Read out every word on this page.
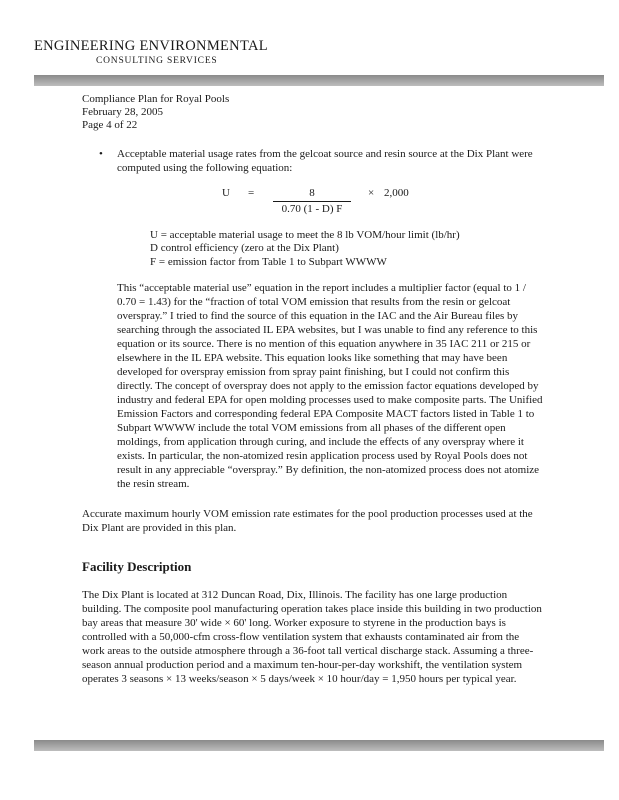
ENGINEERING ENVIRONMENTAL
CONSULTING SERVICES
Compliance Plan for Royal Pools
February 28, 2005
Page 4 of 22
• Acceptable material usage rates from the gelcoat source and resin source at the Dix Plant were computed using the following equation:
U =	8
0.70 (1 - D) F
× 2,000
U = acceptable material usage to meet the 8 lb VOM/hour limit (lb/hr)
D control efficiency (zero at the Dix Plant)
F = emission factor from Table 1 to Subpart WWWW
This “acceptable material use” equation in the report includes a multiplier factor (equal to 1 / 0.70 = 1.43) for the “fraction of total VOM emission that results from the resin or gelcoat overspray.” I tried to find the source of this equation in the IAC and the Air Bureau files by searching through the associated IL EPA websites, but I was unable to find any reference to this equation or its source. There is no mention of this equation anywhere in 35 IAC 211 or 215 or elsewhere in the IL EPA website. This equation looks like something that may have been developed for overspray emission from spray paint finishing, but I could not confirm this directly. The concept of overspray does not apply to the emission factor equations developed by industry and federal EPA for open molding processes used to make composite parts. The Unified Emission Factors and corresponding federal EPA Composite MACT factors listed in Table 1 to Subpart WWWW include the total VOM emissions from all phases of the different open moldings, from application through curing, and include the effects of any overspray where it exists. In particular, the non-atomized resin application process used by Royal Pools does not result in any appreciable “overspray.” By definition, the non-atomized process does not atomize the resin stream.
Accurate maximum hourly VOM emission rate estimates for the pool production processes used at the Dix Plant are provided in this plan.
Facility Description
The Dix Plant is located at 312 Duncan Road, Dix, Illinois. The facility has one large production building. The composite pool manufacturing operation takes place inside this building in two production bay areas that measure 30' wide × 60' long. Worker exposure to styrene in the production bays is controlled with a 50,000-cfm cross-flow ventilation system that exhausts contaminated air from the work areas to the outside atmosphere through a 36-foot tall vertical discharge stack. Assuming a three-season annual production period and a maximum ten-hour-per-day workshift, the ventilation system operates 3 seasons × 13 weeks/season × 5 days/week × 10 hour/day = 1,950 hours per typical year.
